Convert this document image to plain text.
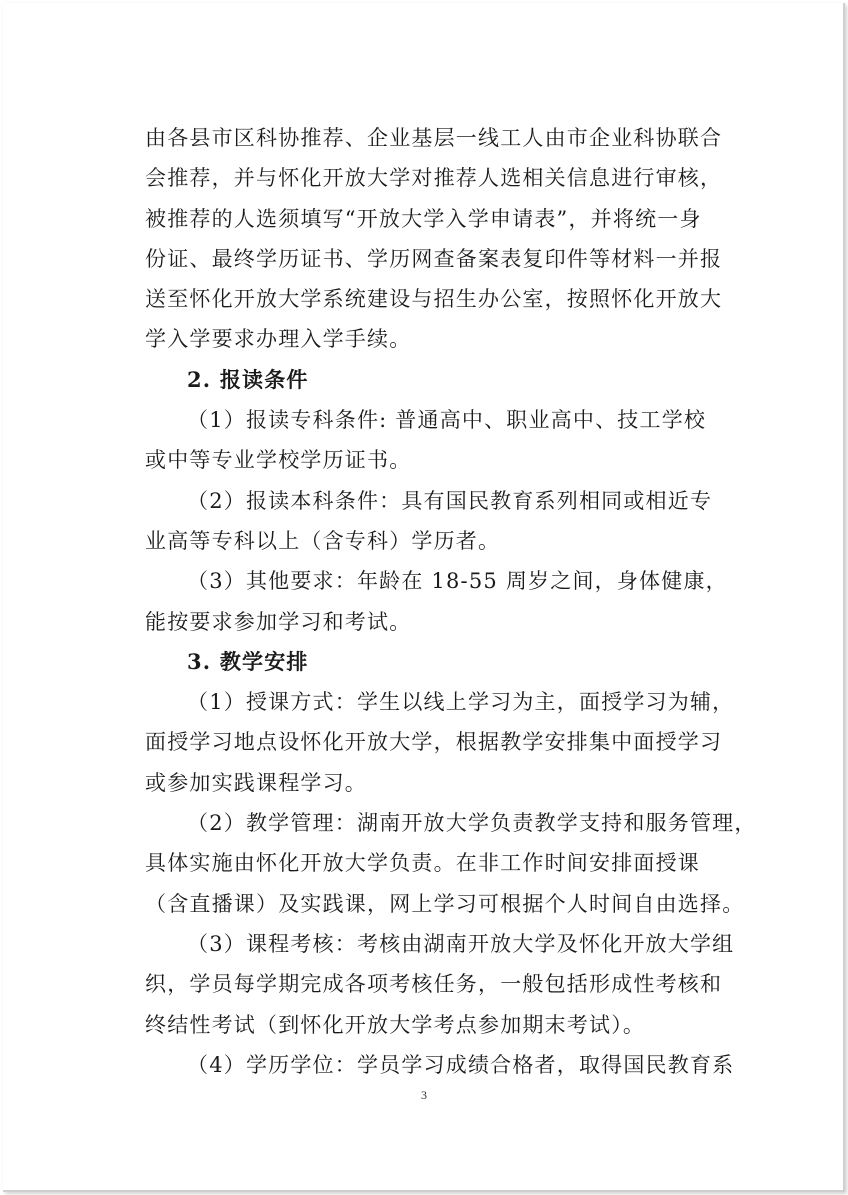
由各县市区科协推荐、企业基层一线工人由市企业科协联合
会推荐，并与怀化开放大学对推荐人选相关信息进行审核，
被推荐的人选须填写“开放大学入学申请表”，并将统一身
份证、最终学历证书、学历网查备案表复印件等材料一并报
送至怀化开放大学系统建设与招生办公室，按照怀化开放大
学入学要求办理入学手续。
2. 报读条件
（1）报读专科条件: 普通高中、职业高中、技工学校
或中等专业学校学历证书。
（2）报读本科条件：具有国民教育系列相同或相近专
业高等专科以上（含专科）学历者。
（3）其他要求：年龄在 18-55 周岁之间，身体健康，
能按要求参加学习和考试。
3. 教学安排
（1）授课方式：学生以线上学习为主，面授学习为辅，
面授学习地点设怀化开放大学，根据教学安排集中面授学习
或参加实践课程学习。
（2）教学管理：湖南开放大学负责教学支持和服务管理，
具体实施由怀化开放大学负责。在非工作时间安排面授课
（含直播课）及实践课，网上学习可根据个人时间自由选择。
（3）课程考核：考核由湖南开放大学及怀化开放大学组
织，学员每学期完成各项考核任务，一般包括形成性考核和
终结性考试（到怀化开放大学考点参加期末考试）。
（4）学历学位：学员学习成绩合格者，取得国民教育系
3
